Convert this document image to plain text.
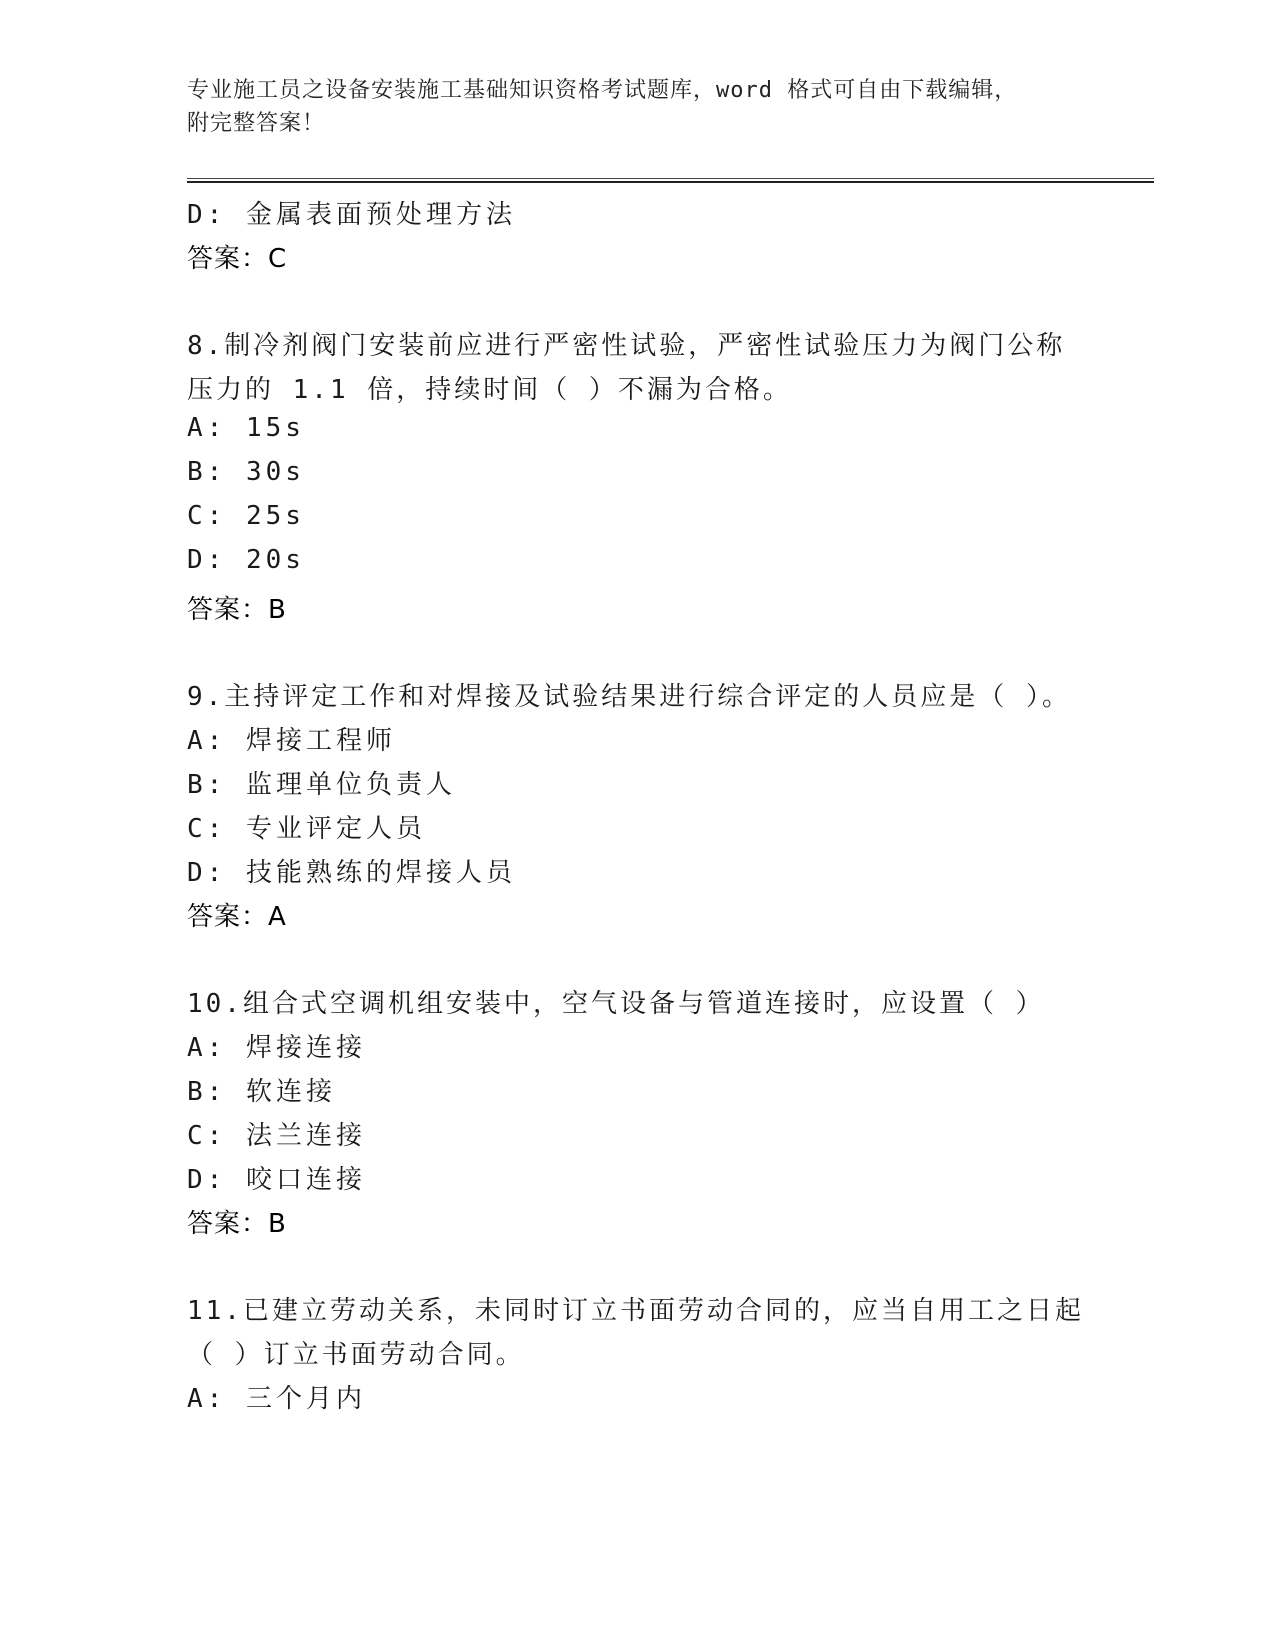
专业施工员之设备安装施工基础知识资格考试题库，word 格式可自由下载编辑，
附完整答案！
D: 金属表面预处理方法
答案：C
8.制冷剂阀门安装前应进行严密性试验，严密性试验压力为阀门公称
压力的 1.1 倍，持续时间（ ）不漏为合格。
A: 15s
B: 30s
C: 25s
D: 20s
答案：B
9.主持评定工作和对焊接及试验结果进行综合评定的人员应是（ ）。
A: 焊接工程师
B: 监理单位负责人
C: 专业评定人员
D: 技能熟练的焊接人员
答案：A
10.组合式空调机组安装中，空气设备与管道连接时，应设置（ ）
A: 焊接连接
B: 软连接
C: 法兰连接
D: 咬口连接
答案：B
11.已建立劳动关系，未同时订立书面劳动合同的，应当自用工之日起
（ ）订立书面劳动合同。
A: 三个月内
